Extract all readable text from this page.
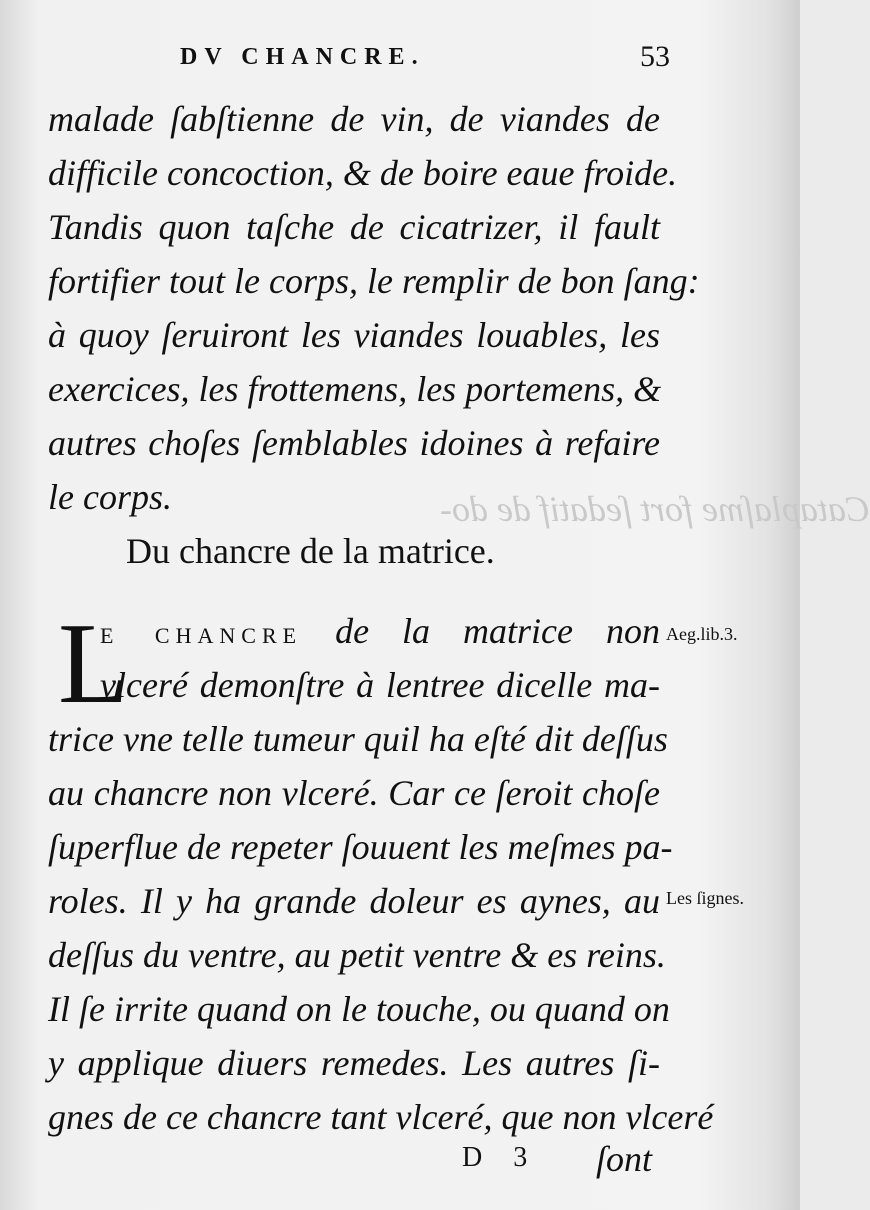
Cataplaſme fort ſedatif de do-
DV CHANCRE.	53
malade ſabſtienne de vin, de viandes de
difficile concoction, & de boire eaue froide.
Tandis quon taſche de cicatrizer, il fault
fortifier tout le corps, le remplir de bon ſang:
à quoy ſeruiront les viandes louables, les
exercices, les frottemens, les portemens, &
autres choſes ſemblables idoines à refaire
le corps.
Du chancre de la matrice.
L
E CHANCRE de la matrice non
vlceré demonſtre à lentree dicelle ma-
trice vne telle tumeur quil ha eſté dit deſſus
au chancre non vlceré. Car ce ſeroit choſe
ſuperflue de repeter ſouuent les meſmes pa-
roles. Il y ha grande doleur es aynes, au
deſſus du ventre, au petit ventre & es reins.
Il ſe irrite quand on le touche, ou quand on
y applique diuers remedes. Les autres ſi-
gnes de ce chancre tant vlceré, que non vlceré
Aeg.lib.3.
Les ſignes.
D 3 ſont
